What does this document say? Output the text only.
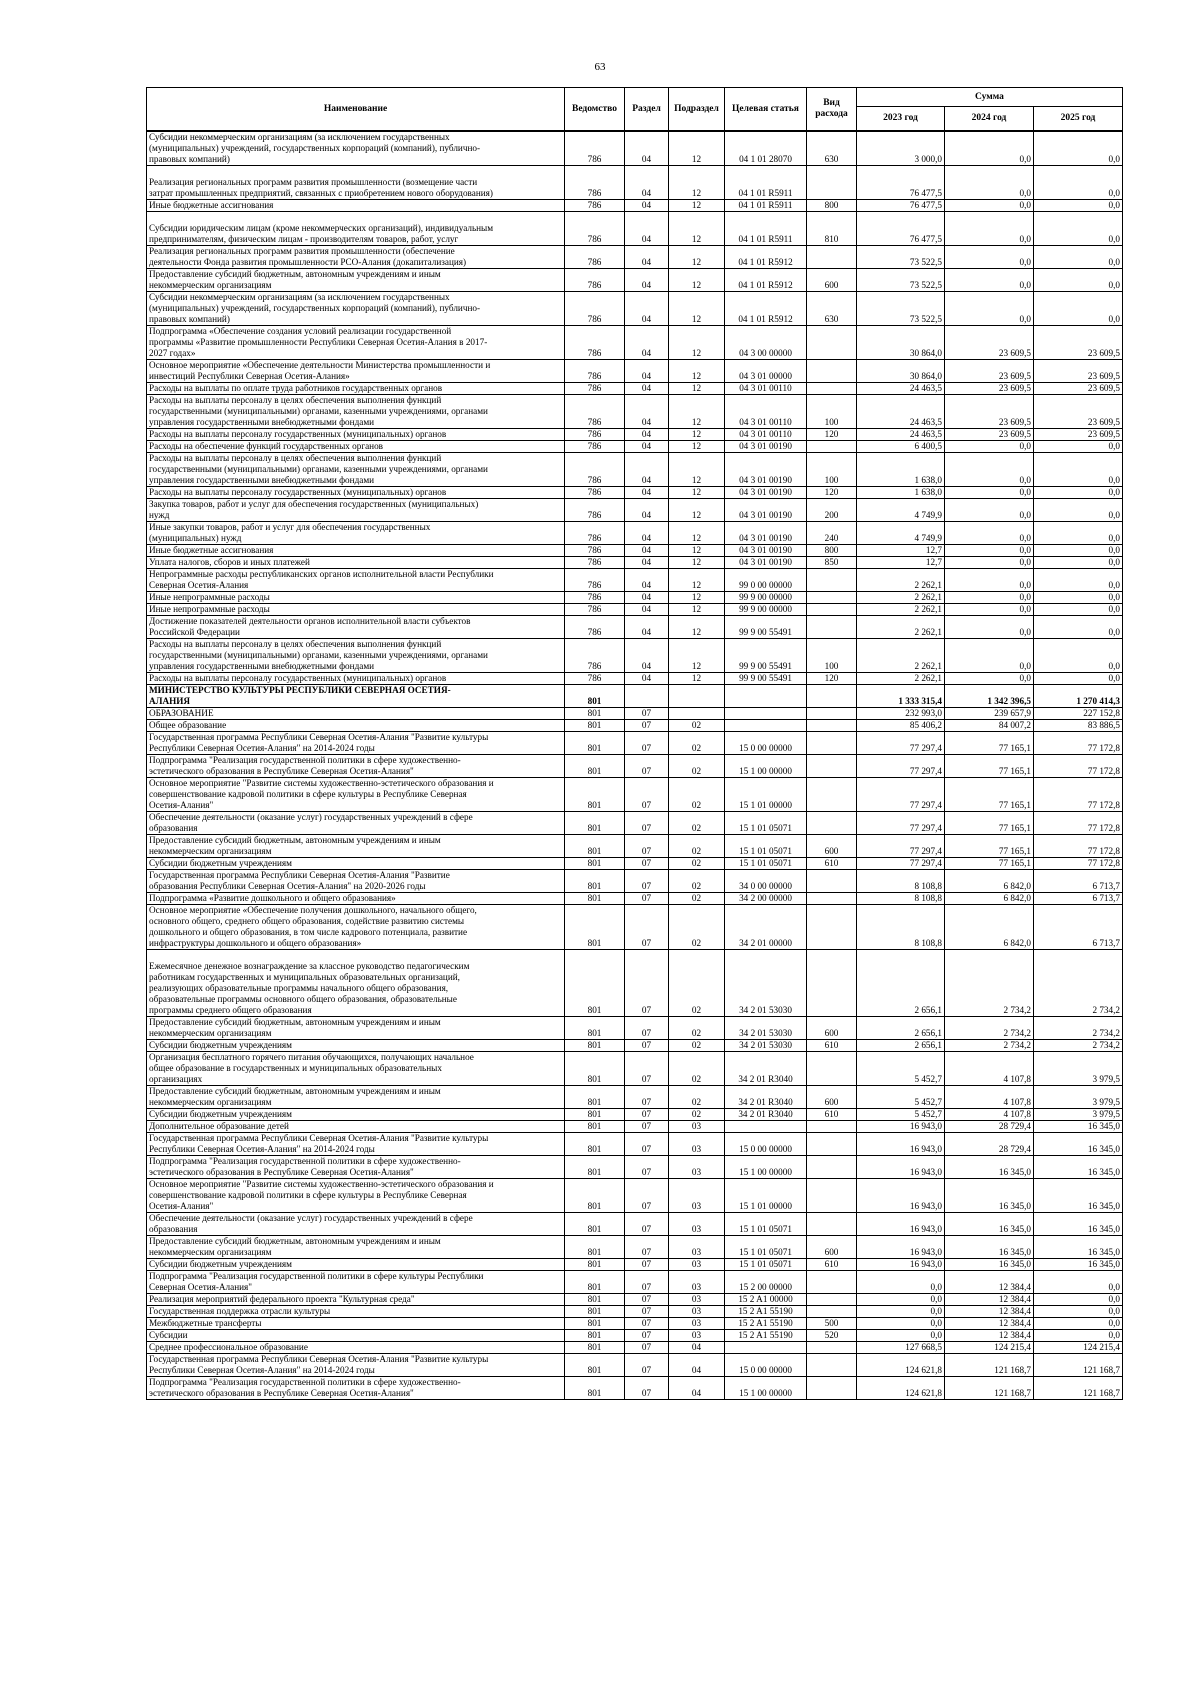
63
Наименование	Ведомство	Раздел	Подраздел	Целевая статья	Вид расхода	Сумма		
						2023 год	2024 год	2025 год

Субсидии некоммерческим организациям (за исключением государственных
(муниципальных) учреждений, государственных корпораций (компаний), публично-
правовых компаний)	786	04	12	04 1 01 28070	630	3 000,0	0,0	0,0

Реализация региональных программ развития промышленности (возмещение части
затрат промышленных предприятий, связанных с приобретением нового оборудования)	786	04	12	04 1 01 R5911		76 477,5	0,0	0,0

Иные бюджетные ассигнования	786	04	12	04 1 01 R5911	800	76 477,5	0,0	0,0

Субсидии юридическим лицам (кроме некоммерческих организаций), индивидуальным
предпринимателям, физическим лицам - производителям товаров, работ, услуг	786	04	12	04 1 01 R5911	810	76 477,5	0,0	0,0

Реализация региональных программ развития промышленности (обеспечение
деятельности Фонда развития промышленности РСО-Алания (докапитализация)	786	04	12	04 1 01 R5912		73 522,5	0,0	0,0

Предоставление субсидий бюджетным, автономным учреждениям и иным
некоммерческим организациям	786	04	12	04 1 01 R5912	600	73 522,5	0,0	0,0

Субсидии некоммерческим организациям (за исключением государственных
(муниципальных) учреждений, государственных корпораций (компаний), публично-
правовых компаний)	786	04	12	04 1 01 R5912	630	73 522,5	0,0	0,0

Подпрограмма «Обеспечение создания условий реализации государственной
программы «Развитие промышленности Республики Северная Осетия-Алания в 2017-
2027 годах»	786	04	12	04 3 00 00000		30 864,0	23 609,5	23 609,5

Основное мероприятие «Обеспечение деятельности Министерства промышленности и
инвестиций Республики Северная Осетия-Алания»	786	04	12	04 3 01 00000		30 864,0	23 609,5	23 609,5

Расходы на выплаты по оплате труда работников государственных органов	786	04	12	04 3 01 00110		24 463,5	23 609,5	23 609,5

Расходы на выплаты персоналу в целях обеспечения выполнения функций
государственными (муниципальными) органами, казенными учреждениями, органами
управления государственными внебюджетными фондами	786	04	12	04 3 01 00110	100	24 463,5	23 609,5	23 609,5

Расходы на выплаты персоналу государственных (муниципальных) органов	786	04	12	04 3 01 00110	120	24 463,5	23 609,5	23 609,5

Расходы на обеспечение функций государственных органов	786	04	12	04 3 01 00190		6 400,5	0,0	0,0

Расходы на выплаты персоналу в целях обеспечения выполнения функций
государственными (муниципальными) органами, казенными учреждениями, органами
управления государственными внебюджетными фондами	786	04	12	04 3 01 00190	100	1 638,0	0,0	0,0

Расходы на выплаты персоналу государственных (муниципальных) органов	786	04	12	04 3 01 00190	120	1 638,0	0,0	0,0

Закупка товаров, работ и услуг для обеспечения государственных (муниципальных)
нужд	786	04	12	04 3 01 00190	200	4 749,9	0,0	0,0

Иные закупки товаров, работ и услуг для обеспечения государственных
(муниципальных) нужд	786	04	12	04 3 01 00190	240	4 749,9	0,0	0,0

Иные бюджетные ассигнования	786	04	12	04 3 01 00190	800	12,7	0,0	0,0

Уплата налогов, сборов и иных платежей	786	04	12	04 3 01 00190	850	12,7	0,0	0,0

Непрограммные расходы республиканских органов исполнительной власти Республики
Северная Осетия-Алания	786	04	12	99 0 00 00000		2 262,1	0,0	0,0

Иные непрограммные расходы	786	04	12	99 9 00 00000		2 262,1	0,0	0,0

Иные непрограммные расходы	786	04	12	99 9 00 00000		2 262,1	0,0	0,0

Достижение показателей деятельности органов исполнительной власти субъектов
Российской Федерации	786	04	12	99 9 00 55491		2 262,1	0,0	0,0

Расходы на выплаты персоналу в целях обеспечения выполнения функций
государственными (муниципальными) органами, казенными учреждениями, органами
управления государственными внебюджетными фондами	786	04	12	99 9 00 55491	100	2 262,1	0,0	0,0

Расходы на выплаты персоналу государственных (муниципальных) органов	786	04	12	99 9 00 55491	120	2 262,1	0,0	0,0

МИНИСТЕРСТВО КУЛЬТУРЫ РЕСПУБЛИКИ СЕВЕРНАЯ ОСЕТИЯ-
АЛАНИЯ	801					1 333 315,4	1 342 396,5	1 270 414,3

ОБРАЗОВАНИЕ	801	07				232 993,0	239 657,9	227 152,8

Общее образование	801	07	02			85 406,2	84 007,2	83 886,5

Государственная программа Республики Северная Осетия-Алания "Развитие культуры
Республики Северная Осетия-Алания" на 2014-2024 годы	801	07	02	15 0 00 00000		77 297,4	77 165,1	77 172,8

Подпрограмма "Реализация государственной политики в сфере художественно-
эстетического образования в Республике Северная Осетия-Алания"	801	07	02	15 1 00 00000		77 297,4	77 165,1	77 172,8

Основное мероприятие "Развитие системы художественно-эстетического образования и
совершенствование кадровой политики в сфере культуры в Республике Северная
Осетия-Алания"	801	07	02	15 1 01 00000		77 297,4	77 165,1	77 172,8

Обеспечение деятельности (оказание услуг) государственных учреждений в сфере
образования	801	07	02	15 1 01 05071		77 297,4	77 165,1	77 172,8

Предоставление субсидий бюджетным, автономным учреждениям и иным
некоммерческим организациям	801	07	02	15 1 01 05071	600	77 297,4	77 165,1	77 172,8

Субсидии бюджетным учреждениям	801	07	02	15 1 01 05071	610	77 297,4	77 165,1	77 172,8

Государственная программа Республики Северная Осетия-Алания "Развитие
образования Республики Северная Осетия-Алания" на 2020-2026 годы	801	07	02	34 0 00 00000		8 108,8	6 842,0	6 713,7

Подпрограмма «Развитие дошкольного и общего образования»	801	07	02	34 2 00 00000		8 108,8	6 842,0	6 713,7

Основное мероприятие «Обеспечение получения дошкольного, начального общего,
основного общего, среднего общего образования, содействие развитию системы
дошкольного и общего образования, в том числе кадрового потенциала, развитие
инфраструктуры дошкольного и общего образования»	801	07	02	34 2 01 00000		8 108,8	6 842,0	6 713,7

Ежемесячное денежное вознаграждение за классное руководство педагогическим
работникам государственных и муниципальных образовательных организаций,
реализующих образовательные программы начального общего образования,
образовательные программы основного общего образования, образовательные
программы среднего общего образования	801	07	02	34 2 01 53030		2 656,1	2 734,2	2 734,2

Предоставление субсидий бюджетным, автономным учреждениям и иным
некоммерческим организациям	801	07	02	34 2 01 53030	600	2 656,1	2 734,2	2 734,2

Субсидии бюджетным учреждениям	801	07	02	34 2 01 53030	610	2 656,1	2 734,2	2 734,2

Организация бесплатного горячего питания обучающихся, получающих начальное
общее образование в государственных и муниципальных образовательных
организациях	801	07	02	34 2 01 R3040		5 452,7	4 107,8	3 979,5

Предоставление субсидий бюджетным, автономным учреждениям и иным
некоммерческим организациям	801	07	02	34 2 01 R3040	600	5 452,7	4 107,8	3 979,5

Субсидии бюджетным учреждениям	801	07	02	34 2 01 R3040	610	5 452,7	4 107,8	3 979,5

Дополнительное образование детей	801	07	03			16 943,0	28 729,4	16 345,0

Государственная программа Республики Северная Осетия-Алания "Развитие культуры
Республики Северная Осетия-Алания" на 2014-2024 годы	801	07	03	15 0 00 00000		16 943,0	28 729,4	16 345,0

Подпрограмма "Реализация государственной политики в сфере художественно-
эстетического образования в Республике Северная Осетия-Алания"	801	07	03	15 1 00 00000		16 943,0	16 345,0	16 345,0

Основное мероприятие "Развитие системы художественно-эстетического образования и
совершенствование кадровой политики в сфере культуры в Республике Северная
Осетия-Алания"	801	07	03	15 1 01 00000		16 943,0	16 345,0	16 345,0

Обеспечение деятельности (оказание услуг) государственных учреждений в сфере
образования	801	07	03	15 1 01 05071		16 943,0	16 345,0	16 345,0

Предоставление субсидий бюджетным, автономным учреждениям и иным
некоммерческим организациям	801	07	03	15 1 01 05071	600	16 943,0	16 345,0	16 345,0

Субсидии бюджетным учреждениям	801	07	03	15 1 01 05071	610	16 943,0	16 345,0	16 345,0

Подпрограмма "Реализация государственной политики в сфере культуры Республики
Северная Осетия-Алания"	801	07	03	15 2 00 00000		0,0	12 384,4	0,0

Реализация мероприятий федерального проекта "Культурная среда"	801	07	03	15 2 A1 00000		0,0	12 384,4	0,0

Государственная поддержка отрасли культуры	801	07	03	15 2 A1 55190		0,0	12 384,4	0,0

Межбюджетные трансферты	801	07	03	15 2 A1 55190	500	0,0	12 384,4	0,0

Субсидии	801	07	03	15 2 A1 55190	520	0,0	12 384,4	0,0

Среднее профессиональное образование	801	07	04			127 668,5	124 215,4	124 215,4

Государственная программа Республики Северная Осетия-Алания "Развитие культуры
Республики Северная Осетия-Алания" на 2014-2024 годы	801	07	04	15 0 00 00000		124 621,8	121 168,7	121 168,7

Подпрограмма "Реализация государственной политики в сфере художественно-
эстетического образования в Республике Северная Осетия-Алания"	801	07	04	15 1 00 00000		124 621,8	121 168,7	121 168,7
